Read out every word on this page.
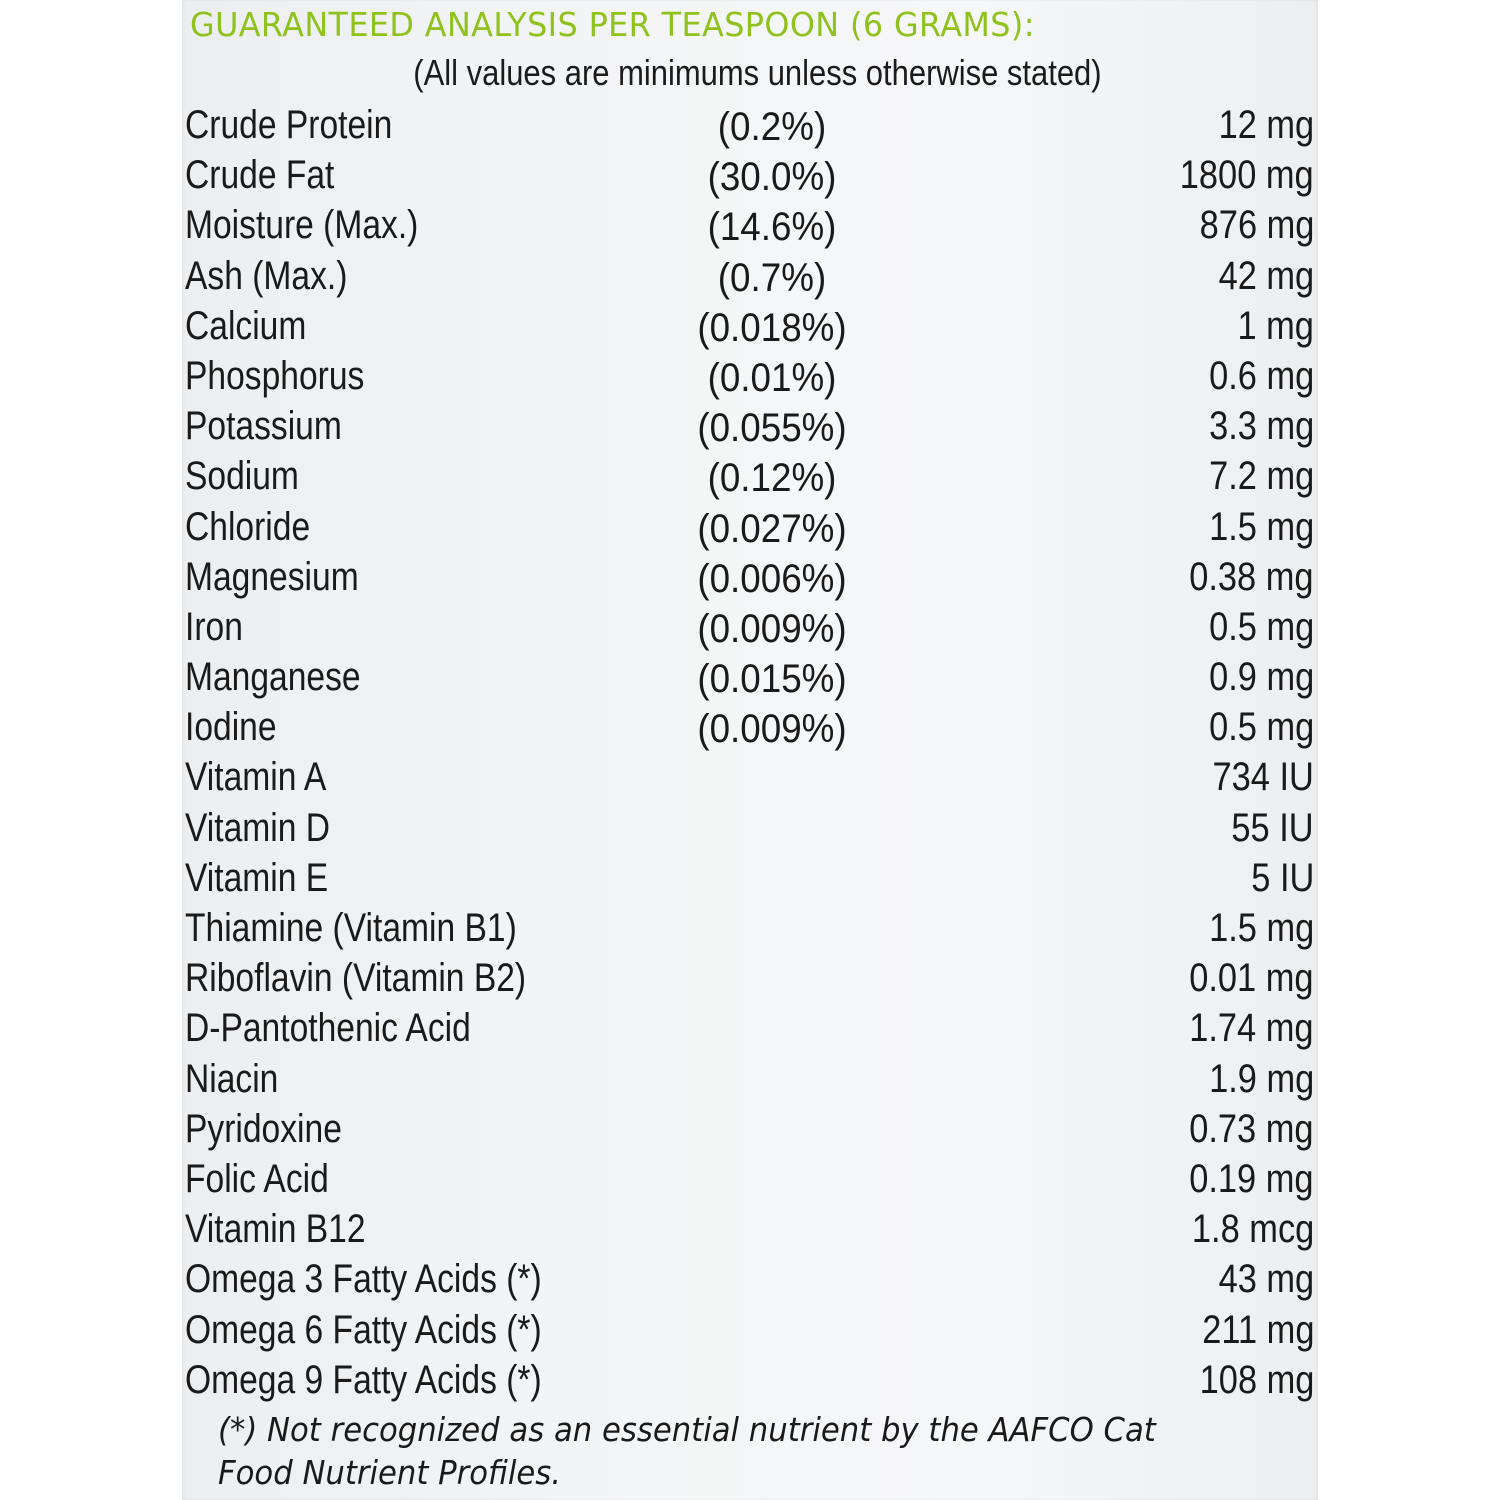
GUARANTEED ANALYSIS PER TEASPOON (6 GRAMS):
(All values are minimums unless otherwise stated)
Crude Protein	(0.2%)	12 mg
Crude Fat	(30.0%)	1800 mg
Moisture (Max.)	(14.6%)	876 mg
Ash (Max.)	(0.7%)	42 mg
Calcium	(0.018%)	1 mg
Phosphorus	(0.01%)	0.6 mg
Potassium	(0.055%)	3.3 mg
Sodium	(0.12%)	7.2 mg
Chloride	(0.027%)	1.5 mg
Magnesium	(0.006%)	0.38 mg
Iron	(0.009%)	0.5 mg
Manganese	(0.015%)	0.9 mg
Iodine	(0.009%)	0.5 mg
Vitamin A	734 IU
Vitamin D	55 IU
Vitamin E	5 IU
Thiamine (Vitamin B1)	1.5 mg
Riboflavin (Vitamin B2)	0.01 mg
D-Pantothenic Acid	1.74 mg
Niacin	1.9 mg
Pyridoxine	0.73 mg
Folic Acid	0.19 mg
Vitamin B12	1.8 mcg
Omega 3 Fatty Acids (*)	43 mg
Omega 6 Fatty Acids (*)	211 mg
Omega 9 Fatty Acids (*)	108 mg
(*) Not recognized as an essential nutrient by the AAFCO Cat
Food Nutrient Profiles.
